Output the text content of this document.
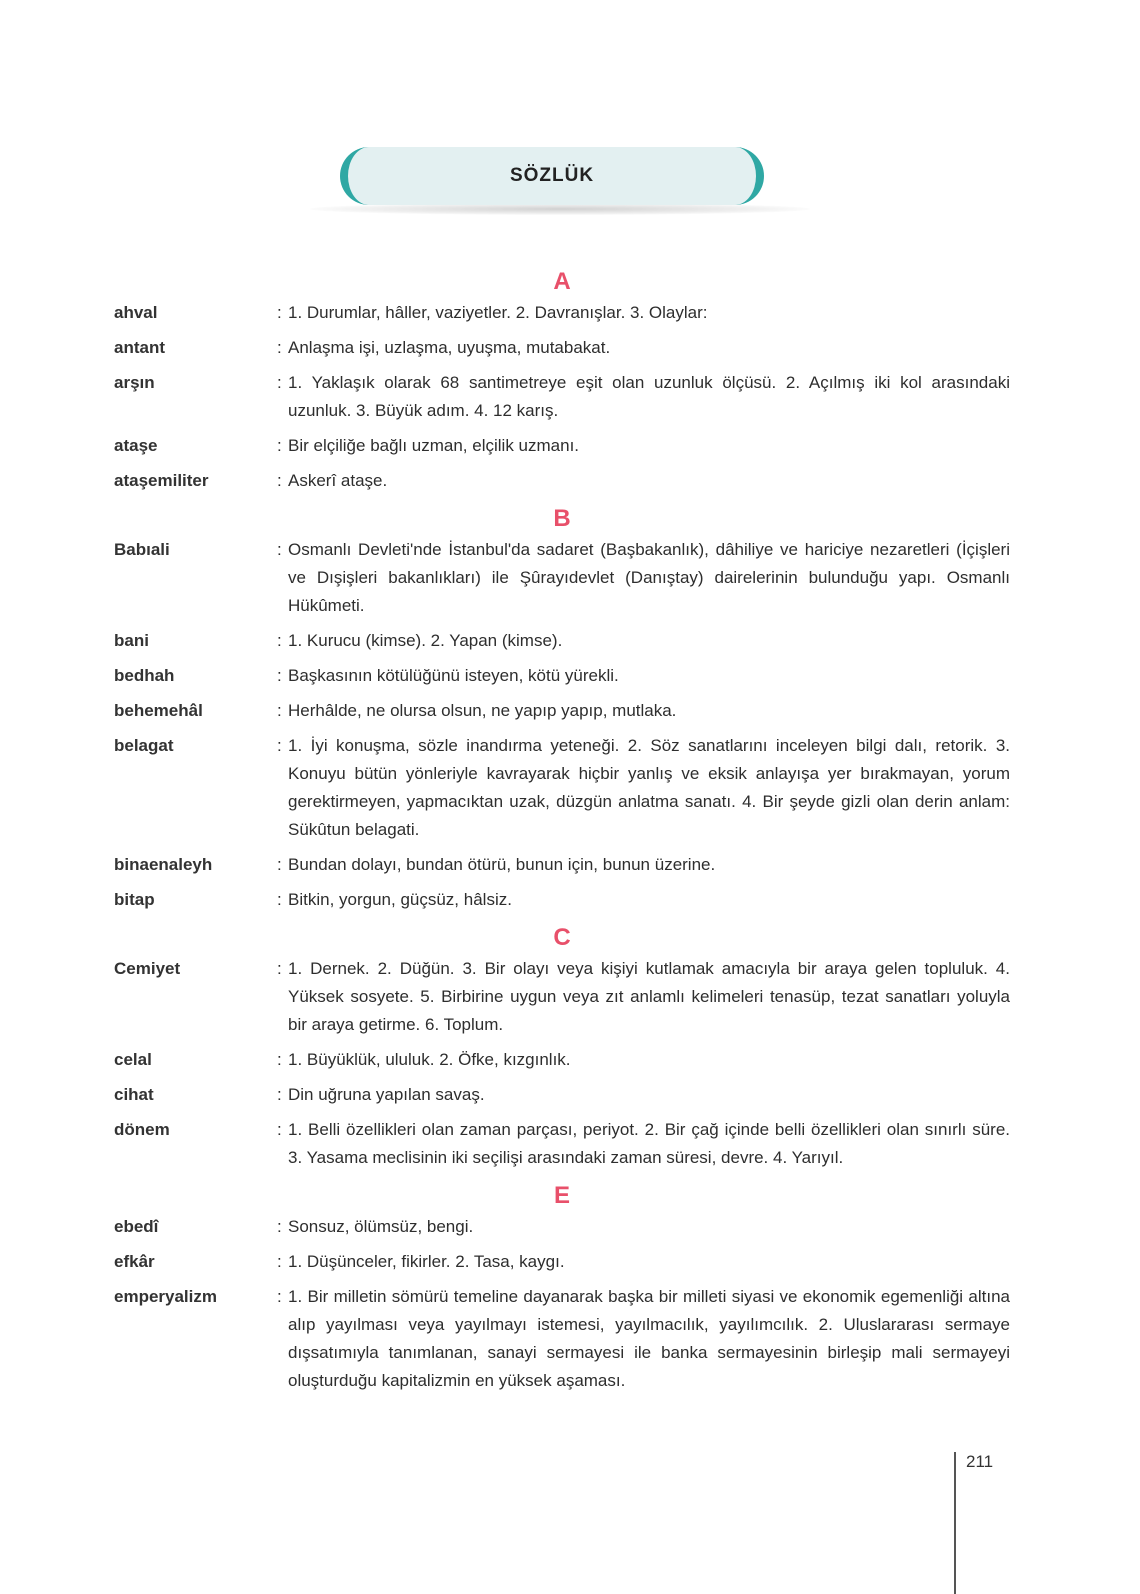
SÖZLÜK
A
ahval	: 1. Durumlar, hâller, vaziyetler. 2. Davranışlar. 3. Olaylar:
antant	: Anlaşma işi, uzlaşma, uyuşma, mutabakat.
arşın	: 1. Yaklaşık olarak 68 santimetreye eşit olan uzunluk ölçüsü. 2. Açılmış iki kol arasındaki uzunluk. 3. Büyük adım. 4. 12 karış.
ataşe	: Bir elçiliğe bağlı uzman, elçilik uzmanı.
ataşemiliter	: Askerî ataşe.
B
Babıali	: Osmanlı Devleti'nde İstanbul'da sadaret (Başbakanlık), dâhiliye ve hariciye nezaretleri (İçişleri ve Dışişleri bakanlıkları) ile Şûrayıdevlet (Danıştay) dairelerinin bulunduğu yapı. Osmanlı Hükûmeti.
bani	: 1. Kurucu (kimse). 2. Yapan (kimse).
bedhah	: Başkasının kötülüğünü isteyen, kötü yürekli.
behemehâl	: Herhâlde, ne olursa olsun, ne yapıp yapıp, mutlaka.
belagat	: 1. İyi konuşma, sözle inandırma yeteneği. 2. Söz sanatlarını inceleyen bilgi dalı, retorik. 3. Konuyu bütün yönleriyle kavrayarak hiçbir yanlış ve eksik anlayışa yer bırakmayan, yorum gerektirmeyen, yapmacıktan uzak, düzgün anlatma sanatı. 4. Bir şeyde gizli olan derin anlam: Sükûtun belagati.
binaenaleyh	: Bundan dolayı, bundan ötürü, bunun için, bunun üzerine.
bitap	: Bitkin, yorgun, güçsüz, hâlsiz.
C
Cemiyet	: 1. Dernek. 2. Düğün. 3. Bir olayı veya kişiyi kutlamak amacıyla bir araya gelen topluluk. 4. Yüksek sosyete. 5. Birbirine uygun veya zıt anlamlı kelimeleri tenasüp, tezat sanatları yoluyla bir araya getirme. 6. Toplum.
celal	: 1. Büyüklük, ululuk. 2. Öfke, kızgınlık.
cihat	: Din uğruna yapılan savaş.
dönem	: 1. Belli özellikleri olan zaman parçası, periyot. 2. Bir çağ içinde belli özellikleri olan sınırlı süre. 3. Yasama meclisinin iki seçilişi arasındaki zaman süresi, devre. 4. Yarıyıl.
E
ebedî	: Sonsuz, ölümsüz, bengi.
efkâr	: 1. Düşünceler, fikirler. 2. Tasa, kaygı.
emperyalizm	: 1. Bir milletin sömürü temeline dayanarak başka bir milleti siyasi ve ekonomik egemenliği altına alıp yayılması veya yayılmayı istemesi, yayılmacılık, yayılımcılık. 2. Uluslararası sermaye dışsatımıyla tanımlanan, sanayi sermayesi ile banka sermayesinin birleşip mali sermayeyi oluşturduğu kapitalizmin en yüksek aşaması.
211
